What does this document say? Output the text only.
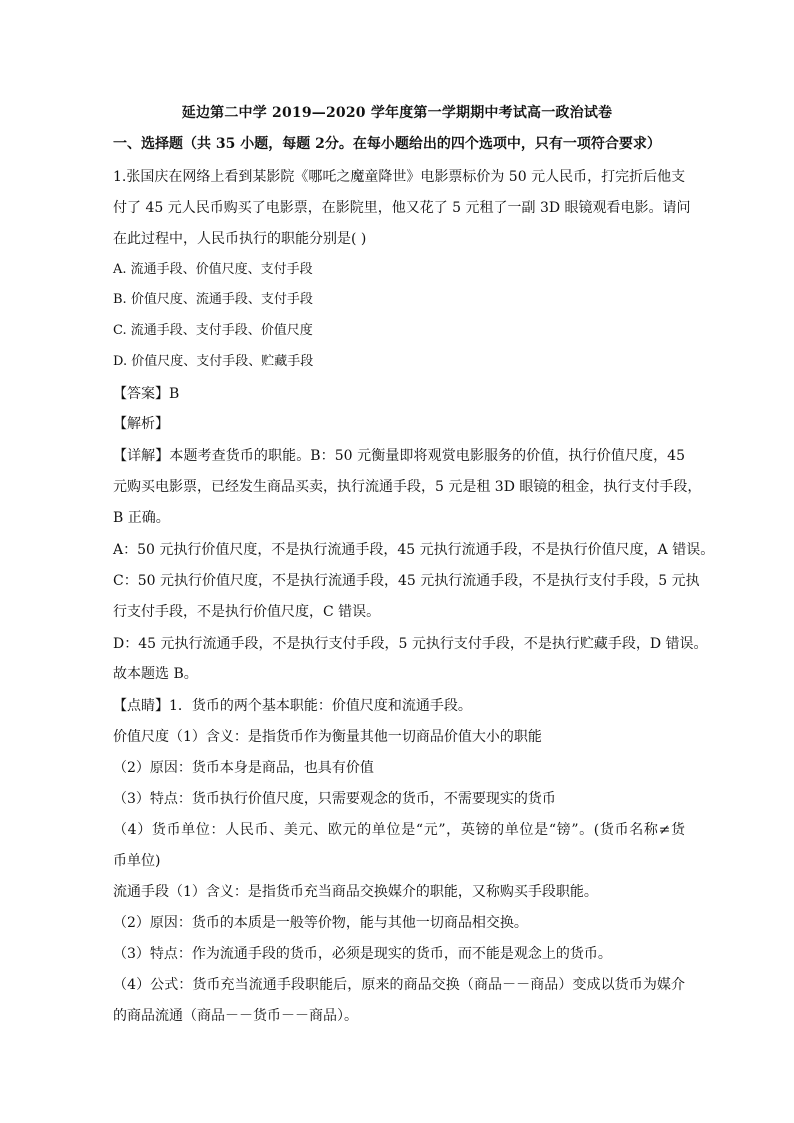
延边第二中学 2019—2020 学年度第一学期期中考试高一政治试卷
一、选择题（共 35 小题，每题 2分。在每小题给出的四个选项中，只有一项符合要求）
1.张国庆在网络上看到某影院《哪吒之魔童降世》电影票标价为 50 元人民币，打完折后他支
付了 45 元人民币购买了电影票，在影院里，他又花了 5 元租了一副 3D 眼镜观看电影。请问
在此过程中，人民币执行的职能分别是( )
A. 流通手段、价值尺度、支付手段
B. 价值尺度、流通手段、支付手段
C. 流通手段、支付手段、价值尺度
D. 价值尺度、支付手段、贮藏手段
【答案】B
【解析】
【详解】本题考查货币的职能。B：50 元衡量即将观赏电影服务的价值，执行价值尺度，45
元购买电影票，已经发生商品买卖，执行流通手段，5 元是租 3D 眼镜的租金，执行支付手段，
B 正确。
A：50 元执行价值尺度，不是执行流通手段，45 元执行流通手段，不是执行价值尺度，A 错误。
C：50 元执行价值尺度，不是执行流通手段，45 元执行流通手段，不是执行支付手段，5 元执
行支付手段，不是执行价值尺度，C 错误。
D：45 元执行流通手段，不是执行支付手段，5 元执行支付手段，不是执行贮藏手段，D 错误。
故本题选 B。
【点睛】1．货币的两个基本职能：价值尺度和流通手段。
价值尺度（1）含义：是指货币作为衡量其他一切商品价值大小的职能
（2）原因：货币本身是商品，也具有价值
（3）特点：货币执行价值尺度，只需要观念的货币，不需要现实的货币
（4）货币单位：人民币、美元、欧元的单位是“元”，英镑的单位是“镑”。(货币名称≠货
币单位)
流通手段（1）含义：是指货币充当商品交换媒介的职能，又称购买手段职能。
（2）原因：货币的本质是一般等价物，能与其他一切商品相交换。
（3）特点：作为流通手段的货币，必须是现实的货币，而不能是观念上的货币。
（4）公式：货币充当流通手段职能后，原来的商品交换（商品－－商品）变成以货币为媒介
的商品流通（商品－－货币－－商品）。
